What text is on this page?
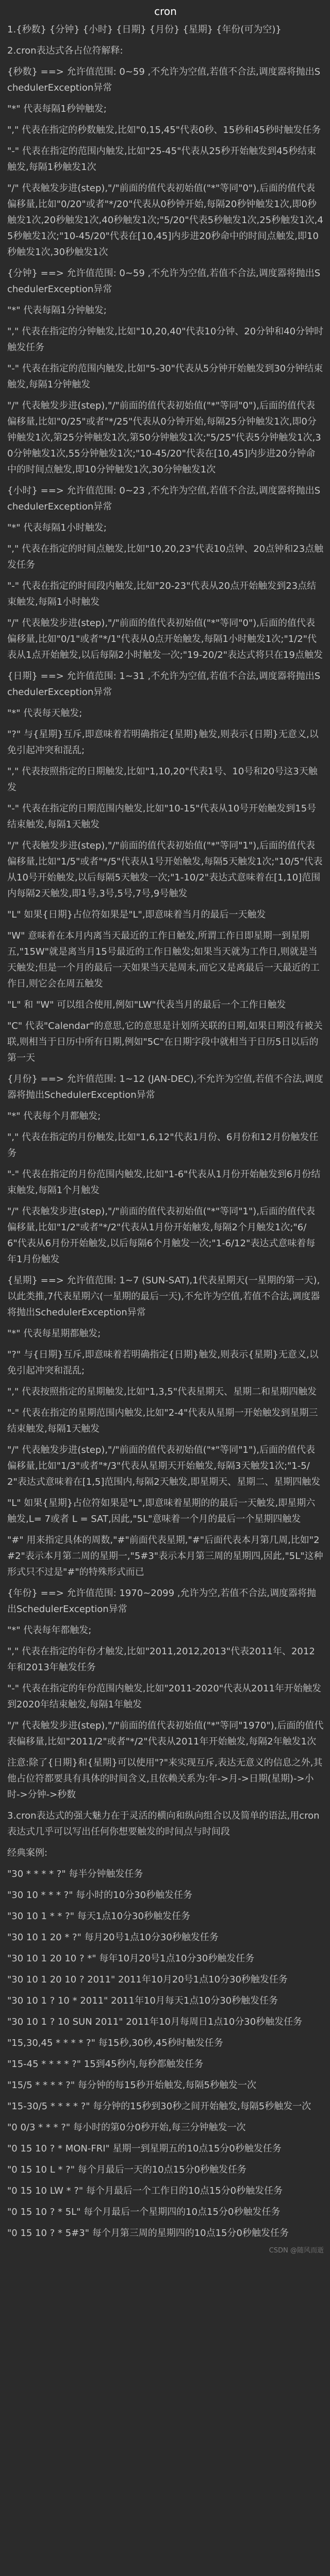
cron
1.{秒数} {分钟} {小时} {日期} {月份} {星期} {年份(可为空)}
2.cron表达式各占位符解释:
{秒数} ==> 允许值范围: 0~59 ,不允许为空值,若值不合法,调度器将抛出SchedulerException异常
"*" 代表每隔1秒钟触发;
"," 代表在指定的秒数触发,比如"0,15,45"代表0秒、15秒和45秒时触发任务
"-" 代表在指定的范围内触发,比如"25-45"代表从25秒开始触发到45秒结束触发,每隔1秒触发1次
"/" 代表触发步进(step),"/"前面的值代表初始值("*"等同"0"),后面的值代表偏移量,比如"0/20"或者"*/20"代表从0秒钟开始,每隔20秒钟触发1次,即0秒触发1次,20秒触发1次,40秒触发1次;"5/20"代表5秒触发1次,25秒触发1次,45秒触发1次;"10-45/20"代表在[10,45]内步进20秒命中的时间点触发,即10秒触发1次,30秒触发1次
{分钟} ==> 允许值范围: 0~59 ,不允许为空值,若值不合法,调度器将抛出SchedulerException异常
"*" 代表每隔1分钟触发;
"," 代表在指定的分钟触发,比如"10,20,40"代表10分钟、20分钟和40分钟时触发任务
"-" 代表在指定的范围内触发,比如"5-30"代表从5分钟开始触发到30分钟结束触发,每隔1分钟触发
"/" 代表触发步进(step),"/"前面的值代表初始值("*"等同"0"),后面的值代表偏移量,比如"0/25"或者"*/25"代表从0分钟开始,每隔25分钟触发1次,即0分钟触发1次,第25分钟触发1次,第50分钟触发1次;"5/25"代表5分钟触发1次,30分钟触发1次,55分钟触发1次;"10-45/20"代表在[10,45]内步进20分钟命中的时间点触发,即10分钟触发1次,30分钟触发1次
{小时} ==> 允许值范围: 0~23 ,不允许为空值,若值不合法,调度器将抛出SchedulerException异常
"*" 代表每隔1小时触发;
"," 代表在指定的时间点触发,比如"10,20,23"代表10点钟、20点钟和23点触发任务
"-" 代表在指定的时间段内触发,比如"20-23"代表从20点开始触发到23点结束触发,每隔1小时触发
"/" 代表触发步进(step),"/"前面的值代表初始值("*"等同"0"),后面的值代表偏移量,比如"0/1"或者"*/1"代表从0点开始触发,每隔1小时触发1次;"1/2"代表从1点开始触发,以后每隔2小时触发一次;"19-20/2"表达式将只在19点触发
{日期} ==> 允许值范围: 1~31 ,不允许为空值,若值不合法,调度器将抛出SchedulerException异常
"*" 代表每天触发;
"?" 与{星期}互斥,即意味着若明确指定{星期}触发,则表示{日期}无意义,以免引起冲突和混乱;
"," 代表按照指定的日期触发,比如"1,10,20"代表1号、10号和20号这3天触发
"-" 代表在指定的日期范围内触发,比如"10-15"代表从10号开始触发到15号结束触发,每隔1天触发
"/" 代表触发步进(step),"/"前面的值代表初始值("*"等同"1"),后面的值代表偏移量,比如"1/5"或者"*/5"代表从1号开始触发,每隔5天触发1次;"10/5"代表从10号开始触发,以后每隔5天触发一次;"1-10/2"表达式意味着在[1,10]范围内每隔2天触发,即1号,3号,5号,7号,9号触发
"L" 如果{日期}占位符如果是"L",即意味着当月的最后一天触发
"W" 意味着在本月内离当天最近的工作日触发,所谓工作日即星期一到星期五,"15W"就是离当月15号最近的工作日触发;如果当天就为工作日,则就是当天触发;但是一个月的最后一天如果当天是周末,而它又是离最后一天最近的工作日,则它会在周五触发
"L" 和 "W" 可以组合使用,例如"LW"代表当月的最后一个工作日触发
"C" 代表"Calendar"的意思,它的意思是计划所关联的日期,如果日期没有被关联,则相当于日历中所有日期,例如"5C"在日期字段中就相当于日历5日以后的第一天
{月份} ==> 允许值范围: 1~12 (JAN-DEC),不允许为空值,若值不合法,调度器将抛出SchedulerException异常
"*" 代表每个月都触发;
"," 代表在指定的月份触发,比如"1,6,12"代表1月份、6月份和12月份触发任务
"-" 代表在指定的月份范围内触发,比如"1-6"代表从1月份开始触发到6月份结束触发,每隔1个月触发
"/" 代表触发步进(step),"/"前面的值代表初始值("*"等同"1"),后面的值代表偏移量,比如"1/2"或者"*/2"代表从1月份开始触发,每隔2个月触发1次;"6/6"代表从6月份开始触发,以后每隔6个月触发一次;"1-6/12"表达式意味着每年1月份触发
{星期} ==> 允许值范围: 1~7 (SUN-SAT),1代表星期天(一星期的第一天),以此类推,7代表星期六(一星期的最后一天),不允许为空值,若值不合法,调度器将抛出SchedulerException异常
"*" 代表每星期都触发;
"?" 与{日期}互斥,即意味着若明确指定{日期}触发,则表示{星期}无意义,以免引起冲突和混乱;
"," 代表按照指定的星期触发,比如"1,3,5"代表星期天、星期二和星期四触发
"-" 代表在指定的星期范围内触发,比如"2-4"代表从星期一开始触发到星期三结束触发,每隔1天触发
"/" 代表触发步进(step),"/"前面的值代表初始值("*"等同"1"),后面的值代表偏移量,比如"1/3"或者"*/3"代表从星期天开始触发,每隔3天触发1次;"1-5/2"表达式意味着在[1,5]范围内,每隔2天触发,即星期天、星期二、星期四触发
"L" 如果{星期}占位符如果是"L",即意味着星期的的最后一天触发,即星期六触发,L= 7或者 L = SAT,因此,"5L"意味着一个月的最后一个星期四触发
"#" 用来指定具体的周数,"#"前面代表星期,"#"后面代表本月第几周,比如"2#2"表示本月第二周的星期一,"5#3"表示本月第三周的星期四,因此,"5L"这种形式只不过是"#"的特殊形式而已
{年份} ==> 允许值范围: 1970~2099 ,允许为空,若值不合法,调度器将抛出SchedulerException异常
"*" 代表每年都触发;
"," 代表在指定的年份才触发,比如"2011,2012,2013"代表2011年、2012年和2013年触发任务
"-" 代表在指定的年份范围内触发,比如"2011-2020"代表从2011年开始触发到2020年结束触发,每隔1年触发
"/" 代表触发步进(step),"/"前面的值代表初始值("*"等同"1970"),后面的值代表偏移量,比如"2011/2"或者"*/2"代表从2011年开始触发,每隔2年触发1次
注意:除了{日期}和{星期}可以使用"?"来实现互斥,表达无意义的信息之外,其他占位符都要具有具体的时间含义,且依赖关系为:年->月->日期(星期)->小时->分钟->秒数
3.cron表达式的强大魅力在于灵活的横向和纵向组合以及简单的语法,用cron表达式几乎可以写出任何你想要触发的时间点与时间段
经典案例:
"30 * * * * ?" 每半分钟触发任务
"30 10 * * * ?" 每小时的10分30秒触发任务
"30 10 1 * * ?" 每天1点10分30秒触发任务
"30 10 1 20 * ?" 每月20号1点10分30秒触发任务
"30 10 1 20 10 ? *" 每年10月20号1点10分30秒触发任务
"30 10 1 20 10 ? 2011" 2011年10月20号1点10分30秒触发任务
"30 10 1 ? 10 * 2011" 2011年10月每天1点10分30秒触发任务
"30 10 1 ? 10 SUN 2011" 2011年10月每周日1点10分30秒触发任务
"15,30,45 * * * * ?" 每15秒,30秒,45秒时触发任务
"15-45 * * * * ?" 15到45秒内,每秒都触发任务
"15/5 * * * * ?" 每分钟的每15秒开始触发,每隔5秒触发一次
"15-30/5 * * * * ?" 每分钟的15秒到30秒之间开始触发,每隔5秒触发一次
"0 0/3 * * * ?" 每小时的第0分0秒开始,每三分钟触发一次
"0 15 10 ? * MON-FRI" 星期一到星期五的10点15分0秒触发任务
"0 15 10 L * ?" 每个月最后一天的10点15分0秒触发任务
"0 15 10 LW * ?" 每个月最后一个工作日的10点15分0秒触发任务
"0 15 10 ? * 5L" 每个月最后一个星期四的10点15分0秒触发任务
"0 15 10 ? * 5#3" 每个月第三周的星期四的10点15分0秒触发任务
CSDN @随风而逝
